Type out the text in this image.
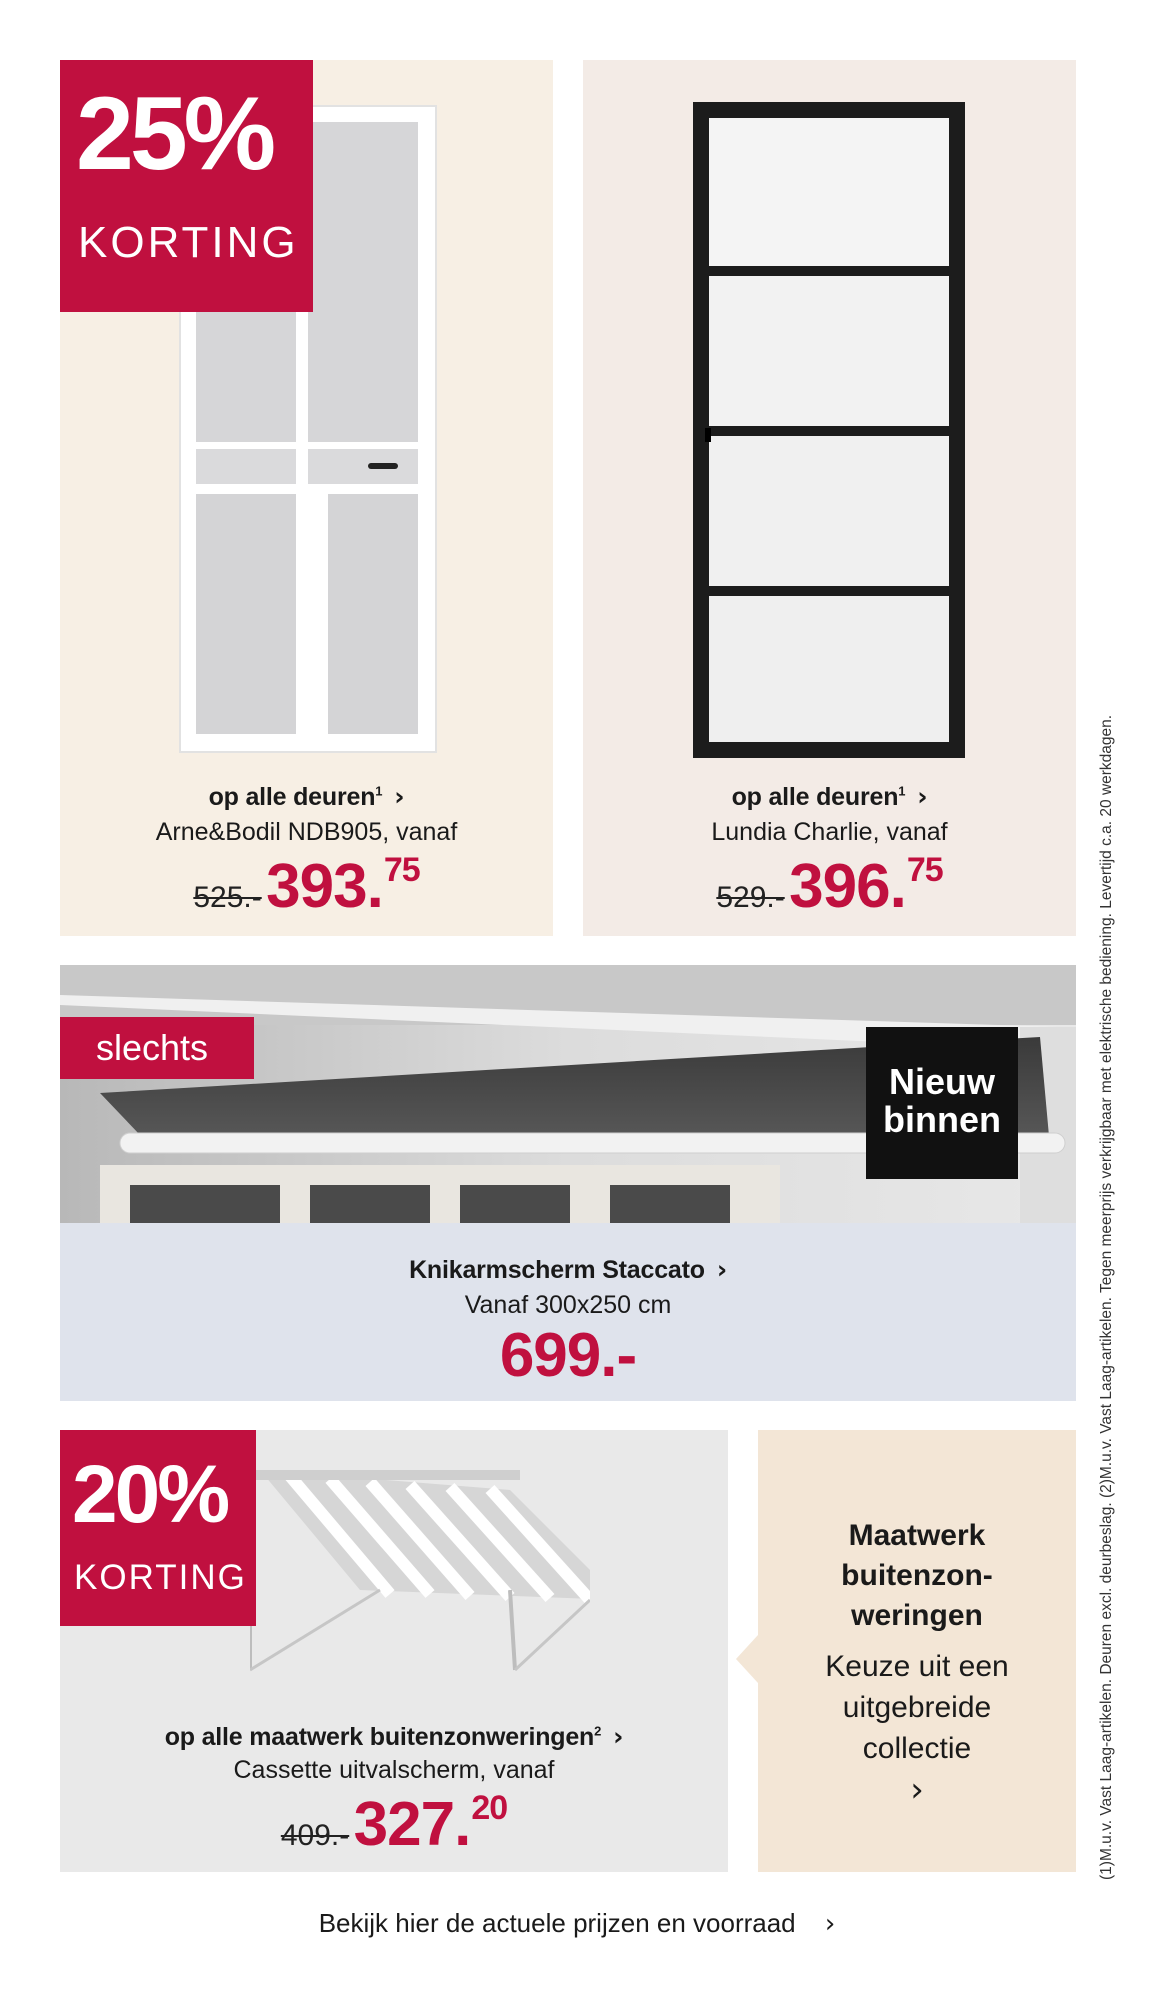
25%
KORTING
op alle deuren$^1$ ›
Arne&Bodil NDB905, vanaf
525.- 393.75
op alle deuren$^1$ ›
Lundia Charlie, vanaf
529.- 396.75
slechts
Nieuw
binnen
Knikarmscherm Staccato ›
Vanaf 300x250 cm
699.-
20%
KORTING
op alle maatwerk buitenzonweringen$^2$ ›
Cassette uitvalscherm, vanaf
409.- 327.20
Maatwerk
buitenzon-
weringen
Keuze uit een
uitgebreide
collectie
›
Bekijk hier de actuele prijzen en voorraad ›
(1)M.u.v. Vast Laag-artikelen. Deuren excl. deurbeslag. (2)M.u.v. Vast Laag-artikelen. Tegen meerprijs verkrijgbaar met elektrische bediening. Levertijd c.a. 20 werkdagen.
